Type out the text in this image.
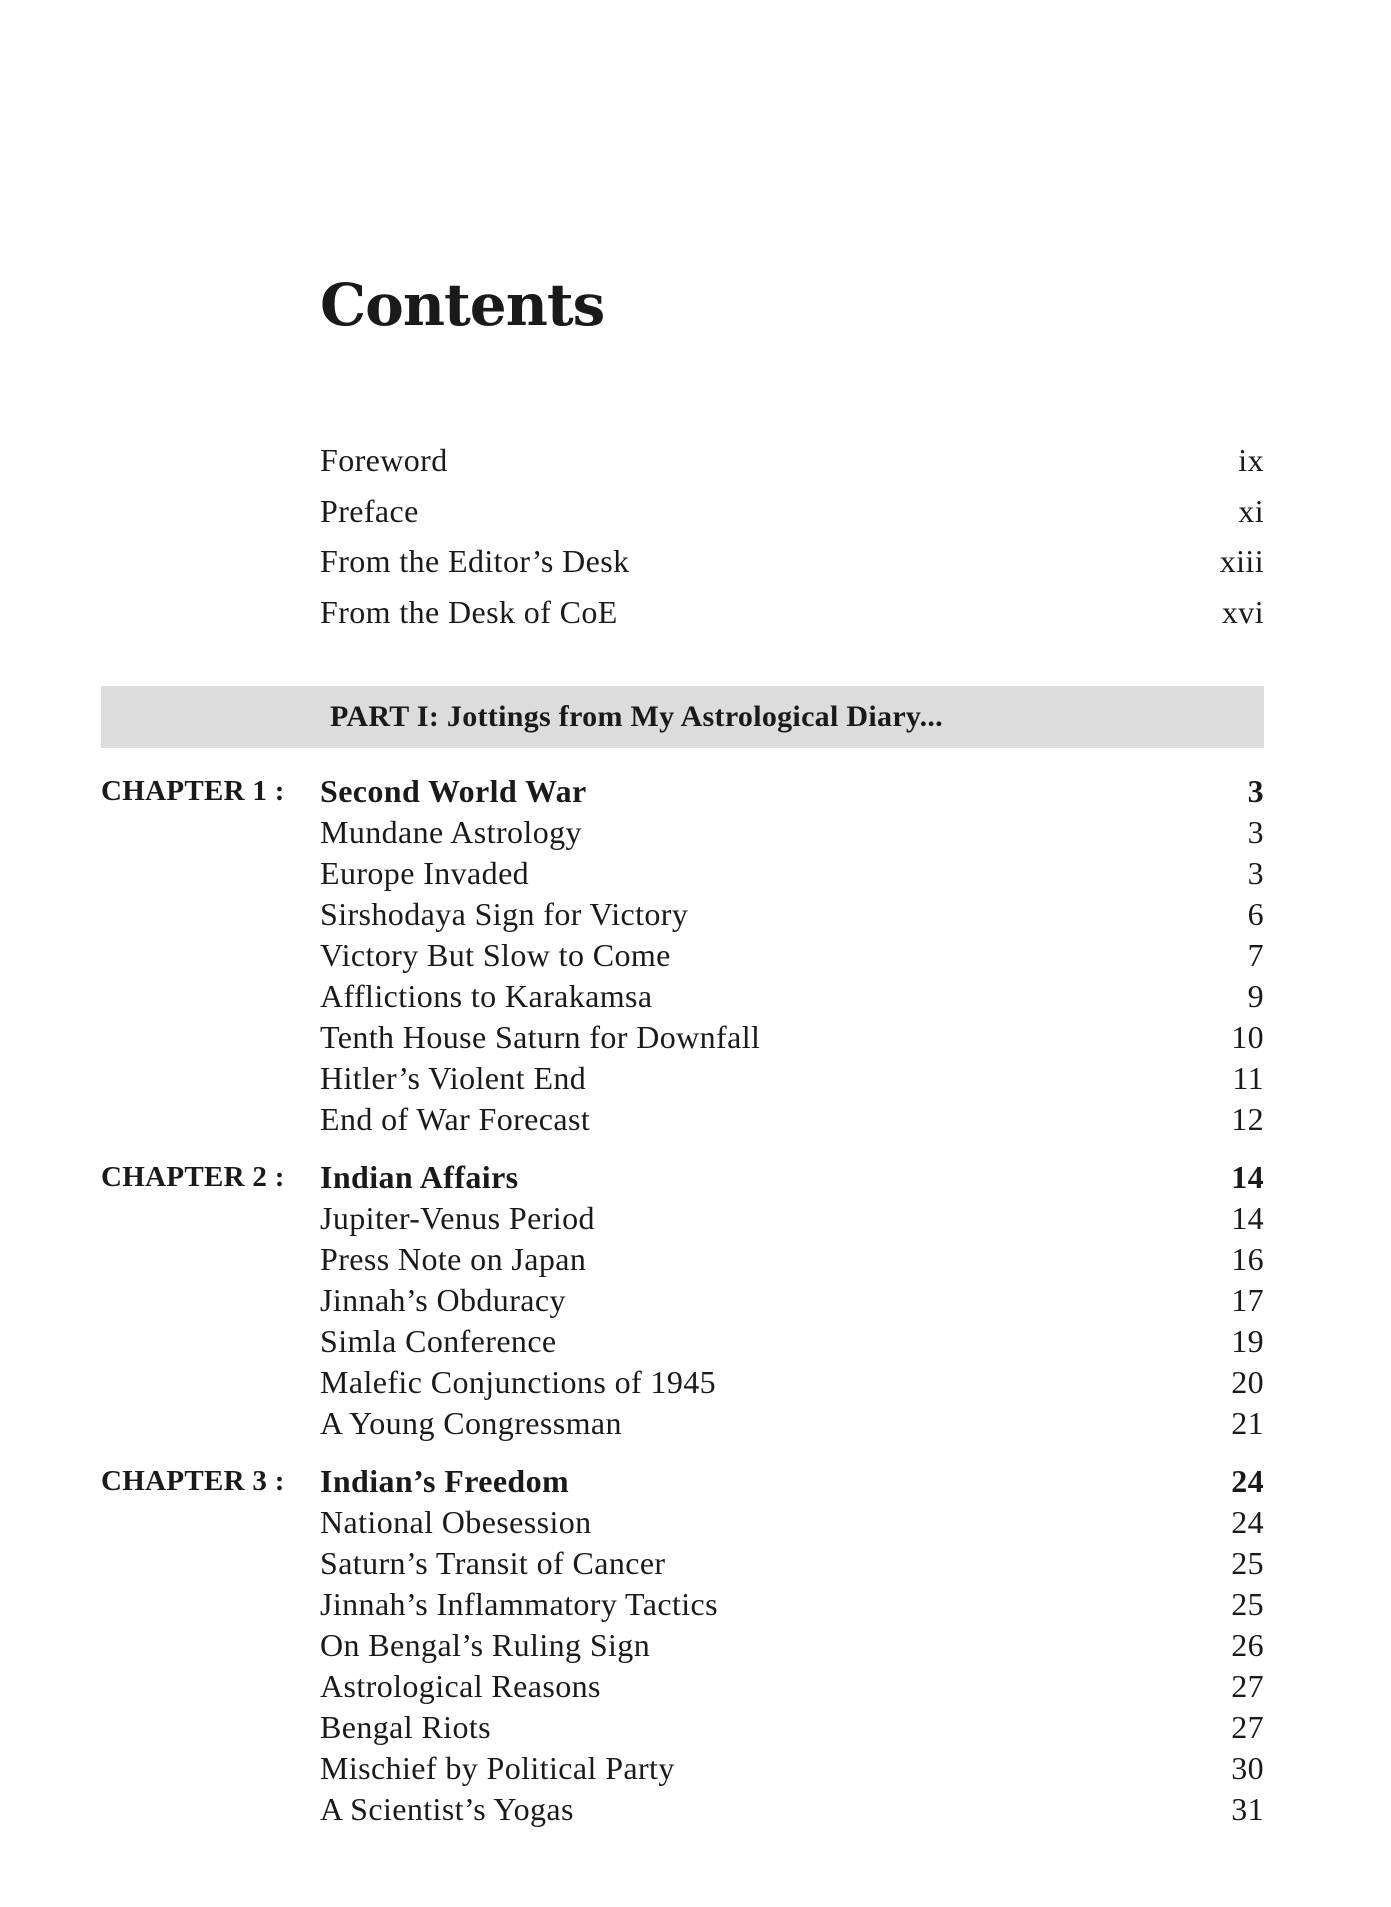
Contents
Foreword	ix
Preface	xi
From the Editor’s Desk	xiii
From the Desk of CoE	xvi
PART I: Jottings from My Astrological Diary...
CHAPTER 1 : Second World War	3
Mundane Astrology	3
Europe Invaded	3
Sirshodaya Sign for Victory	6
Victory But Slow to Come	7
Afflictions to Karakamsa	9
Tenth House Saturn for Downfall	10
Hitler’s Violent End	11
End of War Forecast	12
CHAPTER 2 : Indian Affairs	14
Jupiter-Venus Period	14
Press Note on Japan	16
Jinnah’s Obduracy	17
Simla Conference	19
Malefic Conjunctions of 1945	20
A Young Congressman	21
CHAPTER 3 : Indian’s Freedom	24
National Obesession	24
Saturn’s Transit of Cancer	25
Jinnah’s Inflammatory Tactics	25
On Bengal’s Ruling Sign	26
Astrological Reasons	27
Bengal Riots	27
Mischief by Political Party	30
A Scientist’s Yogas	31
